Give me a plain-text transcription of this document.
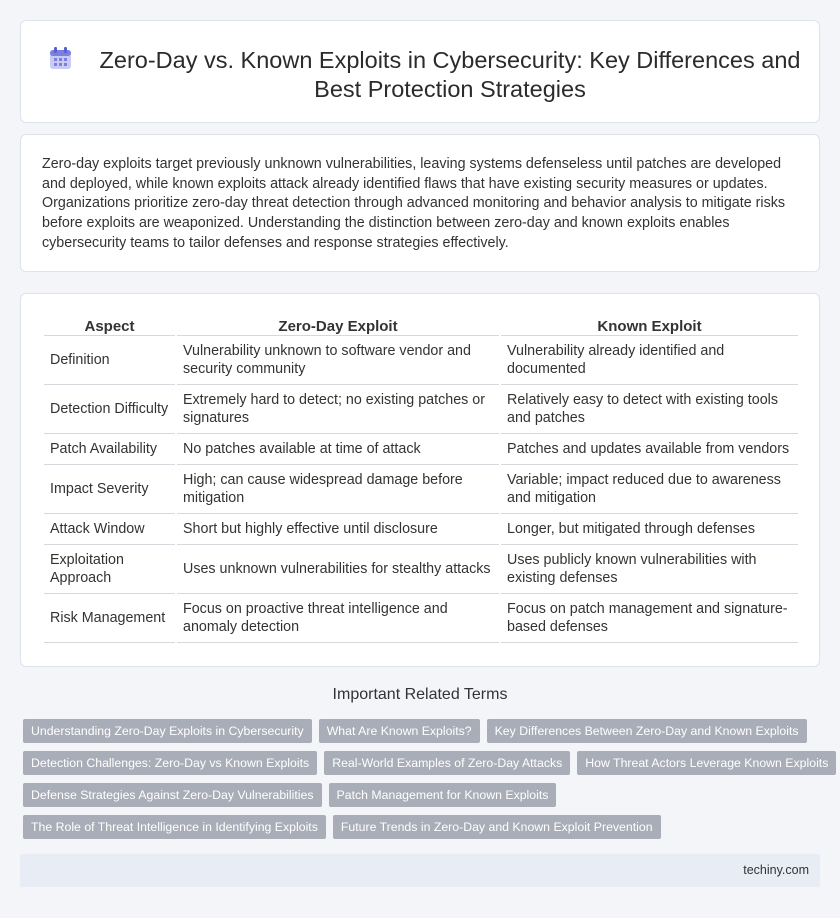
Zero-Day vs. Known Exploits in Cybersecurity: Key Differences and Best Protection Strategies

Zero-day exploits target previously unknown vulnerabilities, leaving systems defenseless until patches are developed and deployed, while known exploits attack already identified flaws that have existing security measures or updates. Organizations prioritize zero-day threat detection through advanced monitoring and behavior analysis to mitigate risks before exploits are weaponized. Understanding the distinction between zero-day and known exploits enables cybersecurity teams to tailor defenses and response strategies effectively.

Aspect	Zero-Day Exploit	Known Exploit
Definition	Vulnerability unknown to software vendor and security community	Vulnerability already identified and documented
Detection Difficulty	Extremely hard to detect; no existing patches or signatures	Relatively easy to detect with existing tools and patches
Patch Availability	No patches available at time of attack	Patches and updates available from vendors
Impact Severity	High; can cause widespread damage before mitigation	Variable; impact reduced due to awareness and mitigation
Attack Window	Short but highly effective until disclosure	Longer, but mitigated through defenses
Exploitation Approach	Uses unknown vulnerabilities for stealthy attacks	Uses publicly known vulnerabilities with existing defenses
Risk Management	Focus on proactive threat intelligence and anomaly detection	Focus on patch management and signature-based defenses
Important Related Terms
Understanding Zero-Day Exploits in Cybersecurity	What Are Known Exploits?	Key Differences Between Zero-Day and Known Exploits
Detection Challenges: Zero-Day vs Known Exploits	Real-World Examples of Zero-Day Attacks	How Threat Actors Leverage Known Exploits
Defense Strategies Against Zero-Day Vulnerabilities	Patch Management for Known Exploits
The Role of Threat Intelligence in Identifying Exploits	Future Trends in Zero-Day and Known Exploit Prevention
techiny.com
